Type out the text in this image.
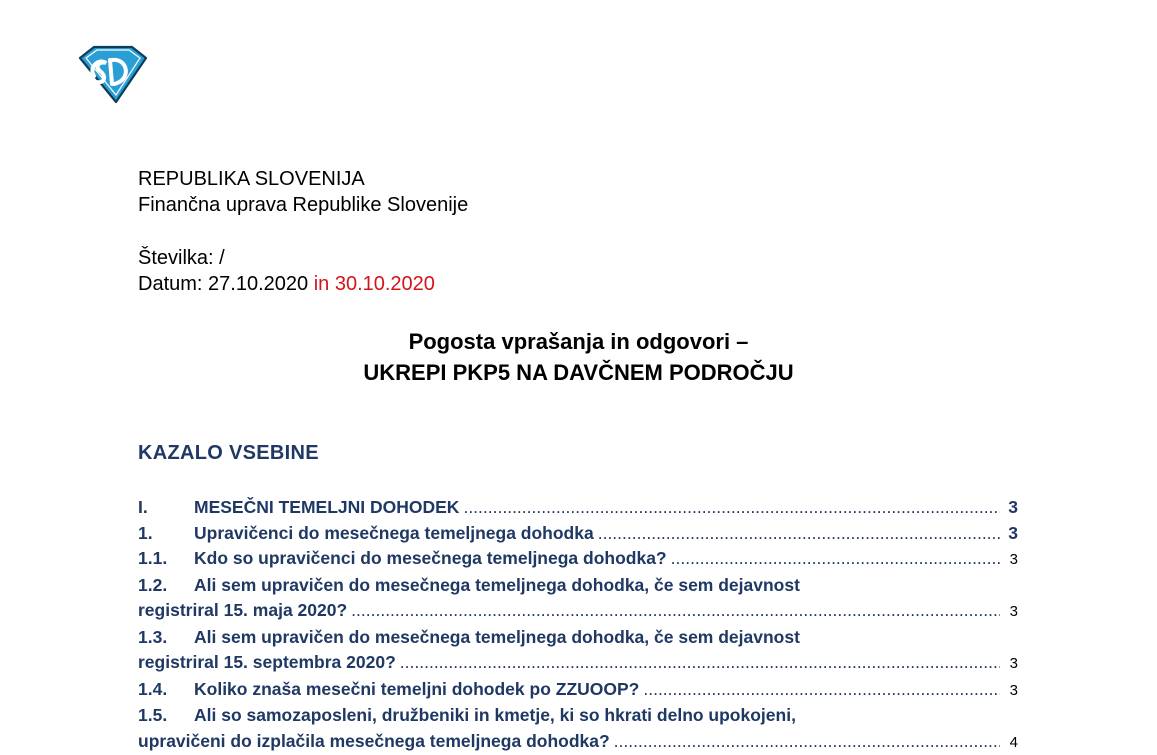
REPUBLIKA SLOVENIJA
Finančna uprava Republike Slovenije
Številka: /
Datum: 27.10.2020 in 30.10.2020
Pogosta vprašanja in odgovori –
UKREPI PKP5 NA DAVČNEM PODROČJU
KAZALO VSEBINE
I.	MESEČNI TEMELJNI DOHODEK .....	3
1.	Upravičenci do mesečnega temeljnega dohodka .....	3
1.1.	Kdo so upravičenci do mesečnega temeljnega dohodka? .....	3
1.2.	Ali sem upravičen do mesečnega temeljnega dohodka, če sem dejavnost
registriral 15. maja 2020? .....	3
1.3.	Ali sem upravičen do mesečnega temeljnega dohodka, če sem dejavnost
registriral 15. septembra 2020? .....	3
1.4.	Koliko znaša mesečni temeljni dohodek po ZZUOOP? .....	3
1.5.	Ali so samozaposleni, družbeniki in kmetje, ki so hkrati delno upokojeni,
upravičeni do izplačila mesečnega temeljnega dohodka? .....	4
